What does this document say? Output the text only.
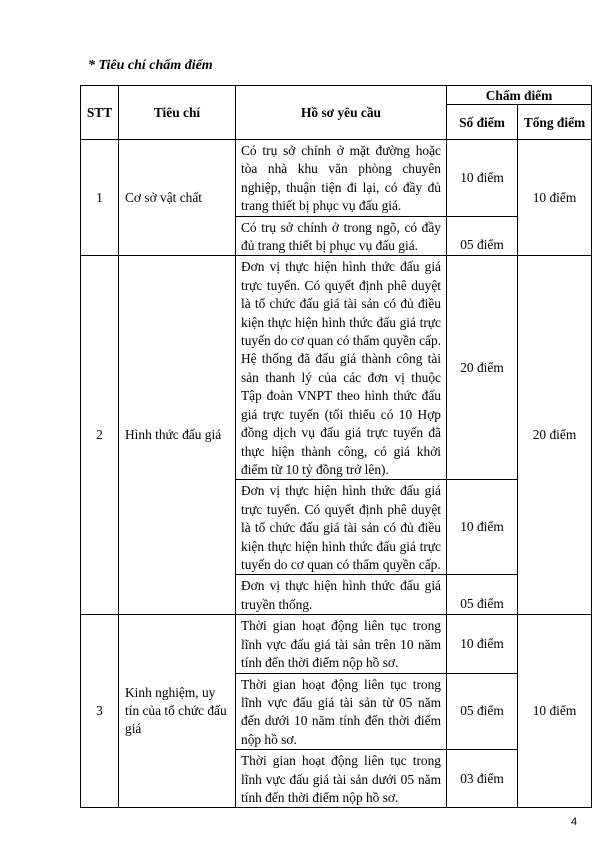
* Tiêu chí chấm điểm
STT	Tiêu chí	Hồ sơ yêu cầu	Chấm điểm	
			Số điểm	Tổng điểm
1	Cơ sở vật chất	Có trụ sở chính ở mặt đường hoặc tòa nhà khu văn phòng chuyên nghiệp, thuận tiện đi lại, có đầy đủ trang thiết bị phục vụ đấu giá.	10 điểm	10 điểm
		Có trụ sở chính ở trong ngõ, có đầy đủ trang thiết bị phục vụ đấu giá.	05 điểm	
2	Hình thức đấu giá	Đơn vị thực hiện hình thức đấu giá trực tuyến. Có quyết định phê duyệt là tổ chức đấu giá tài sản có đủ điều kiện thực hiện hình thức đấu giá trực tuyến do cơ quan có thẩm quyền cấp. Hệ thống đã đấu giá thành công tài sản thanh lý của các đơn vị thuộc Tập đoàn VNPT theo hình thức đấu giá trực tuyến (tối thiểu có 10 Hợp đồng dịch vụ đấu giá trực tuyến đã thực hiện thành công, có giá khởi điểm từ 10 tỷ đồng trở lên).	20 điểm	20 điểm
		Đơn vị thực hiện hình thức đấu giá trực tuyến. Có quyết định phê duyệt là tổ chức đấu giá tài sản có đủ điều kiện thực hiện hình thức đấu giá trực tuyến do cơ quan có thẩm quyền cấp.	10 điểm	
		Đơn vị thực hiện hình thức đấu giá truyền thống.	05 điểm	
3	Kinh nghiệm, uy tín của tổ chức đấu giá	Thời gian hoạt động liên tục trong lĩnh vực đấu giá tài sản trên 10 năm tính đến thời điểm nộp hồ sơ.	10 điểm	10 điểm
		Thời gian hoạt động liên tục trong lĩnh vực đấu giá tài sản từ 05 năm đến dưới 10 năm tính đến thời điểm nộp hồ sơ.	05 điểm	
		Thời gian hoạt động liên tục trong lĩnh vực đấu giá tài sản dưới 05 năm tính đến thời điểm nộp hồ sơ.	03 điểm	
4
